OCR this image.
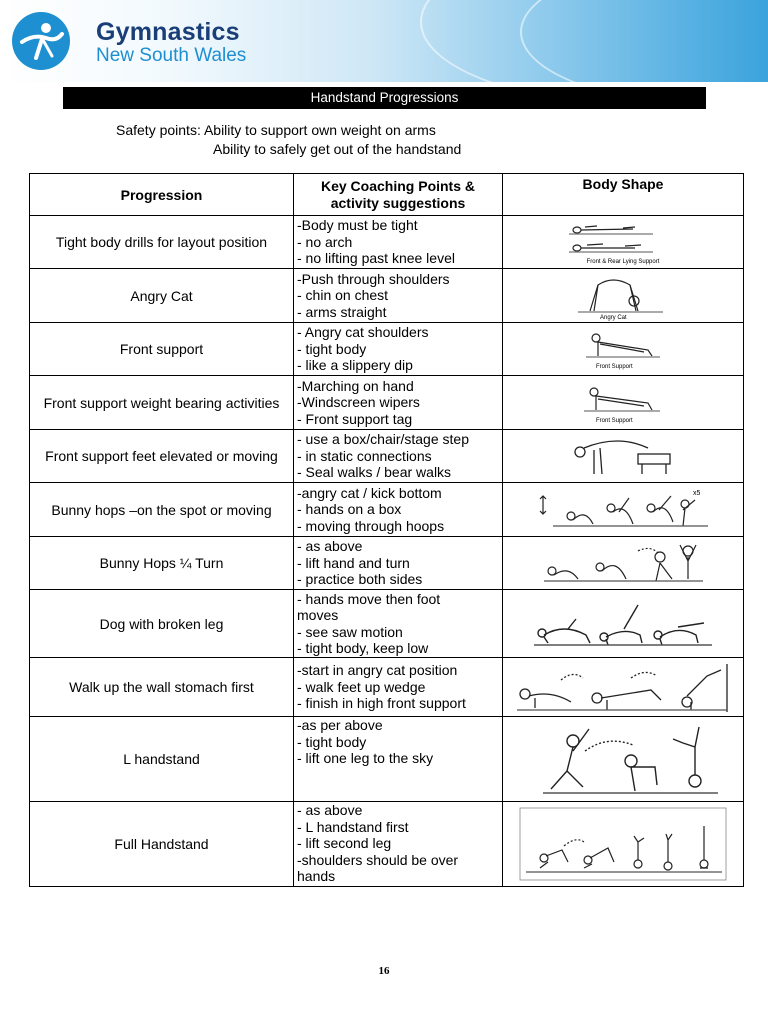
Gymnastics
New South Wales
Handstand Progressions
Safety points: Ability to support own weight on arms
Ability to safely get out of the handstand
Progression	Key Coaching Points & activity suggestions	Body Shape
Tight body drills for layout position	-Body must be tight
- no arch
- no lifting past knee level	Front & Rear Lying Support

Angry Cat	-Push through shoulders
- chin on chest
- arms straight	Angry Cat

Front support	- Angry cat shoulders
- tight body
- like a slippery dip	Front Support

Front support weight bearing activities	-Marching on hand
-Windscreen wipers
- Front support tag	Front Support

Front support feet elevated or moving	- use a box/chair/stage step
- in static connections
- Seal walks / bear walks

Bunny hops –on the spot or moving	-angry cat / kick bottom
- hands on a box
- moving through hoops	x5

Bunny Hops ¼ Turn	- as above
- lift hand and turn
- practice both sides

Dog with broken leg	- hands move then foot
moves
- see saw motion
- tight body, keep low

Walk up the wall stomach first	-start in angry cat position
- walk feet up wedge
- finish in high front support

L handstand	-as per above
- tight body
- lift one leg to the sky

Full Handstand	- as above
- L handstand first
- lift second leg
-shoulders should be over
hands

16
